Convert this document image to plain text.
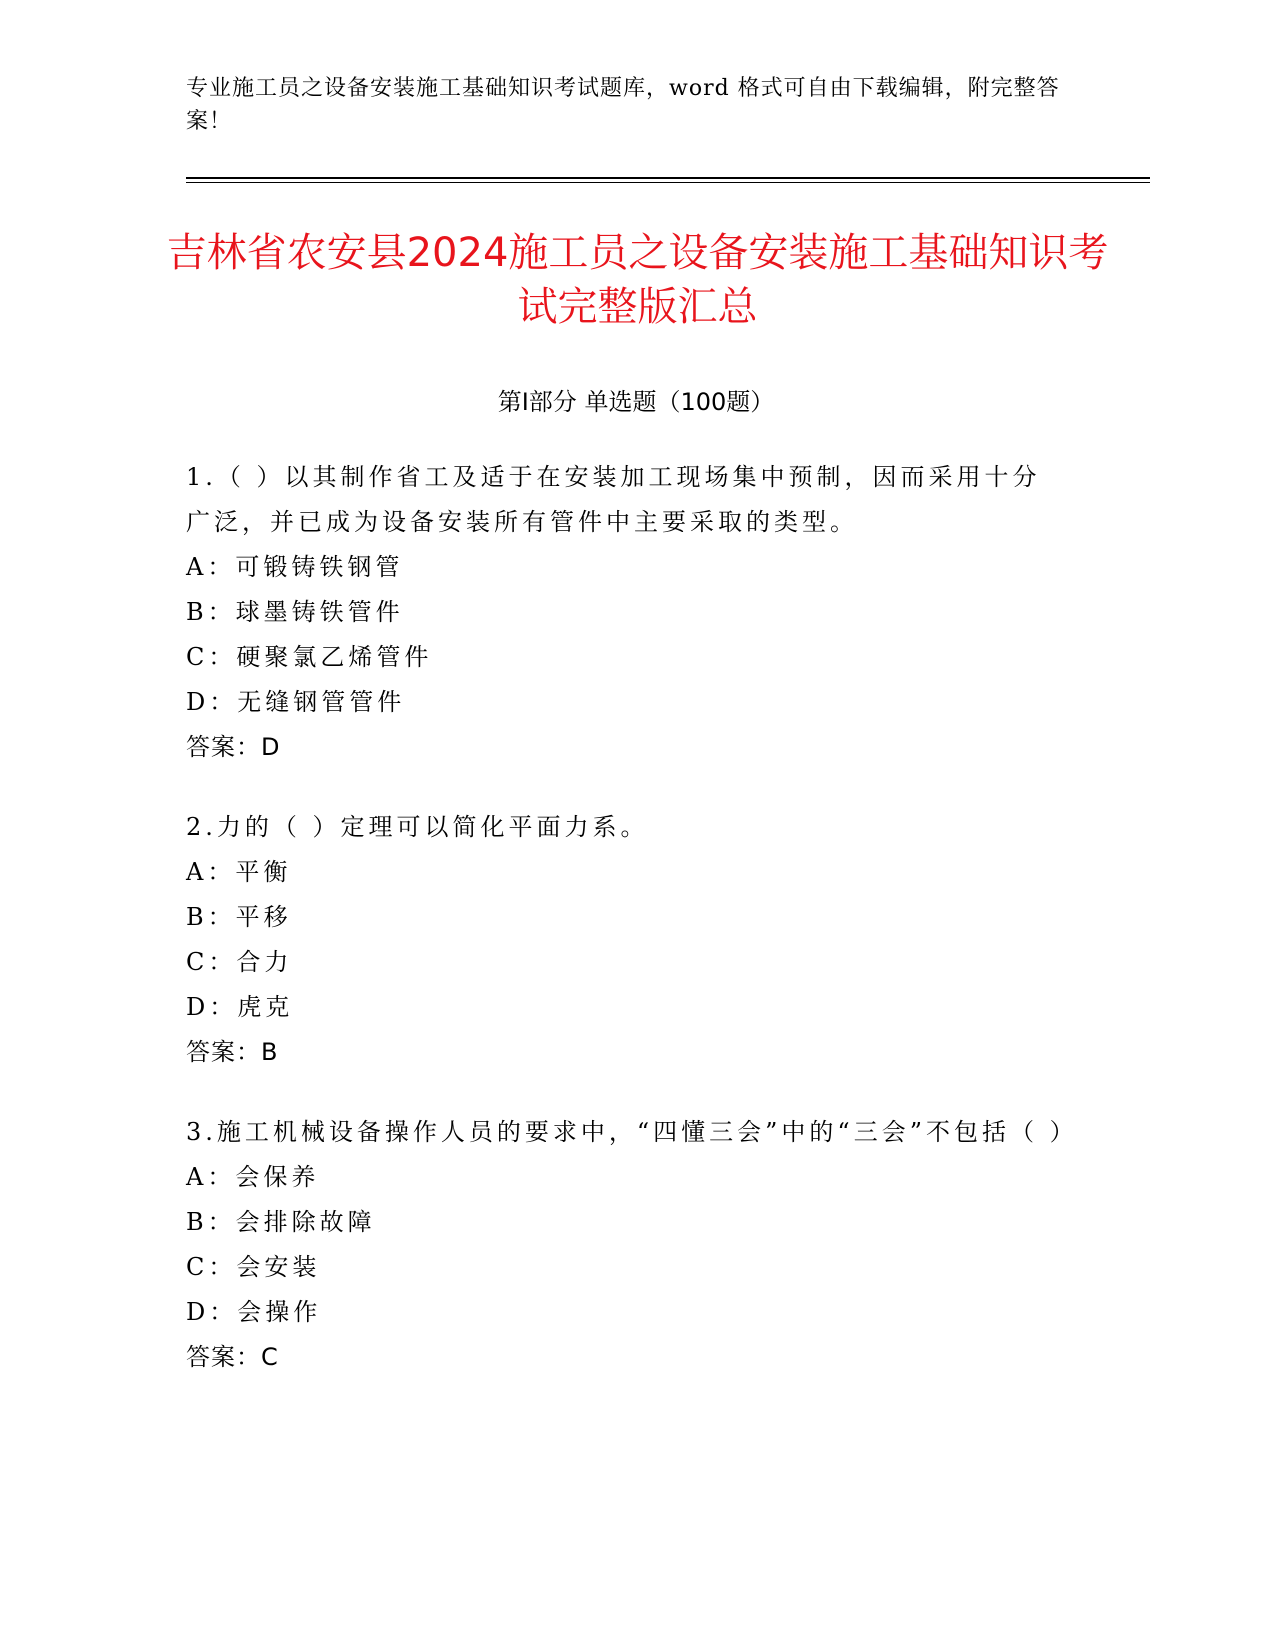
专业施工员之设备安装施工基础知识考试题库，word 格式可自由下载编辑，附完整答案！

吉林省农安县2024施工员之设备安装施工基础知识考试完整版汇总
第Ⅰ部分 单选题（100题）

1.（ ）以其制作省工及适于在安装加工现场集中预制，因而采用十分广泛，并已成为设备安装所有管件中主要采取的类型。

A：可锻铸铁钢管

B：球墨铸铁管件

C：硬聚氯乙烯管件

D：无缝钢管管件

答案：D

2.力的（ ）定理可以简化平面力系。

A：平衡

B：平移

C：合力

D：虎克

答案：B

3.施工机械设备操作人员的要求中，“四懂三会”中的“三会”不包括（ ）

A：会保养

B：会排除故障

C：会安装

D：会操作

答案：C
